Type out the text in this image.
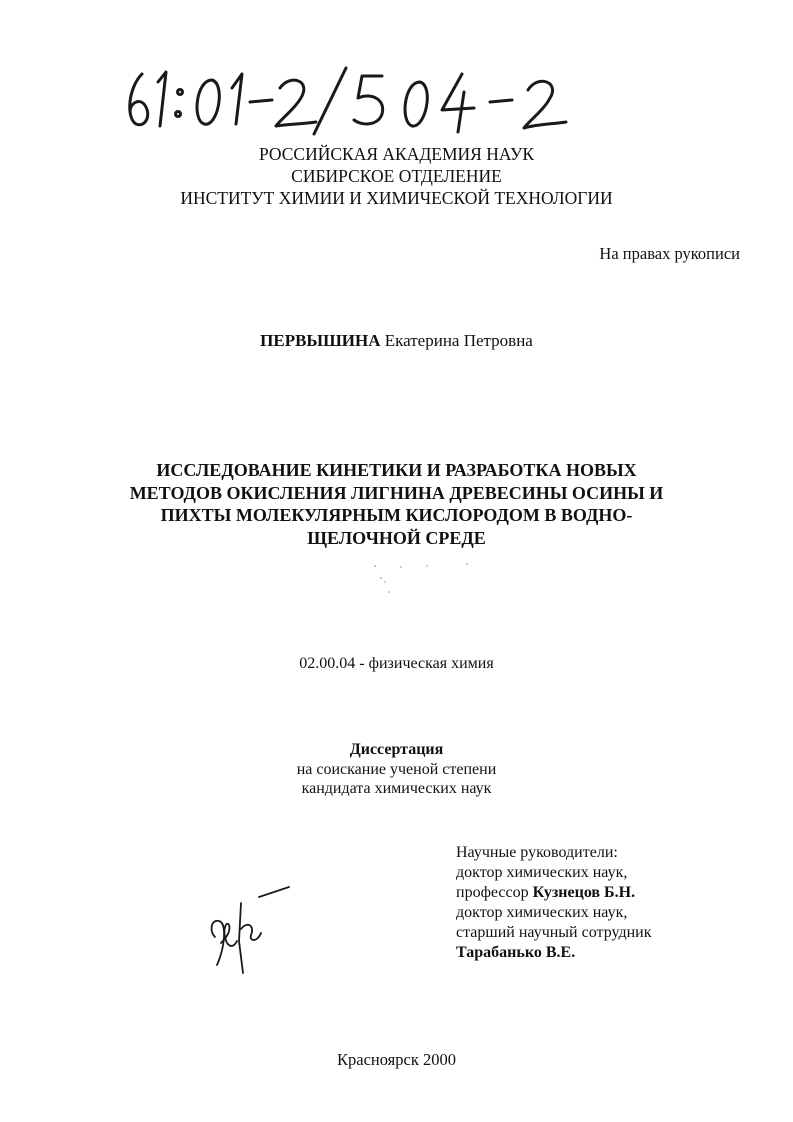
РОССИЙСКАЯ АКАДЕМИЯ НАУК
СИБИРСКОЕ ОТДЕЛЕНИЕ
ИНСТИТУТ ХИМИИ И ХИМИЧЕСКОЙ ТЕХНОЛОГИИ
На правах рукописи
ПЕРВЫШИНА Екатерина Петровна
ИССЛЕДОВАНИЕ КИНЕТИКИ И РАЗРАБОТКА НОВЫХ
МЕТОДОВ ОКИСЛЕНИЯ ЛИГНИНА ДРЕВЕСИНЫ ОСИНЫ И
ПИХТЫ МОЛЕКУЛЯРНЫМ КИСЛОРОДОМ В ВОДНО-
ЩЕЛОЧНОЙ СРЕДЕ
02.00.04 - физическая химия
Диссертация
на соискание ученой степени
кандидата химических наук
Научные руководители:
доктор химических наук,
профессор Кузнецов Б.Н.
доктор химических наук,
старший научный сотрудник
Тарабанько В.Е.
Красноярск 2000
